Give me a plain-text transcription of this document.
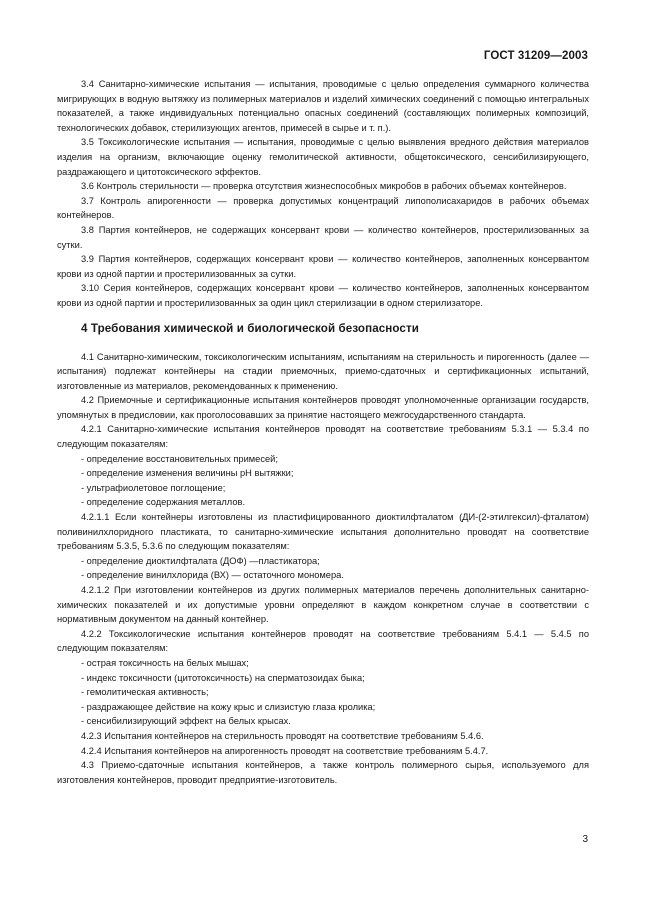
ГОСТ 31209—2003

3.4 Санитарно-химические испытания — испытания, проводимые с целью определения суммарного количества мигрирующих в водную вытяжку из полимерных материалов и изделий химических соединений с помощью интегральных показателей, а также индивидуальных потенциально опасных соединений (составляющих полимерных композиций, технологических добавок, стерилизующих агентов, примесей в сырье и т. п.).

3.5 Токсикологические испытания — испытания, проводимые с целью выявления вредного действия материалов изделия на организм, включающие оценку гемолитической активности, общетоксического, сенсибилизирующего, раздражающего и цитотоксического эффектов.

3.6 Контроль стерильности — проверка отсутствия жизнеспособных микробов в рабочих объемах контейнеров.

3.7 Контроль апирогенности — проверка допустимых концентраций липополисахаридов в рабочих объемах контейнеров.

3.8 Партия контейнеров, не содержащих консервант крови — количество контейнеров, простерилизованных за сутки.

3.9 Партия контейнеров, содержащих консервант крови — количество контейнеров, заполненных консервантом крови из одной партии и простерилизованных за сутки.

3.10 Серия контейнеров, содержащих консервант крови — количество контейнеров, заполненных консервантом крови из одной партии и простерилизованных за один цикл стерилизации в одном стерилизаторе.

4 Требования химической и биологической безопасности

4.1 Санитарно-химическим, токсикологическим испытаниям, испытаниям на стерильность и пирогенность (далее — испытания) подлежат контейнеры на стадии приемочных, приемо-сдаточных и сертификационных испытаний, изготовленные из материалов, рекомендованных к применению.

4.2 Приемочные и сертификационные испытания контейнеров проводят уполномоченные организации государств, упомянутых в предисловии, как проголосовавших за принятие настоящего межгосударственного стандарта.

4.2.1 Санитарно-химические испытания контейнеров проводят на соответствие требованиям 5.3.1 — 5.3.4 по следующим показателям:

- определение восстановительных примесей;

- определение изменения величины рН вытяжки;

- ультрафиолетовое поглощение;

- определение содержания металлов.

4.2.1.1 Если контейнеры изготовлены из пластифицированного диоктилфталатом (ДИ-(2-этилгексил)-фталатом) поливинилхлоридного пластиката, то санитарно-химические испытания дополнительно проводят на соответствие требованиям 5.3.5, 5.3.6 по следующим показателям:

- определение диоктилфталата (ДОФ) —пластикатора;

- определение винилхлорида (ВХ) — остаточного мономера.

4.2.1.2 При изготовлении контейнеров из других полимерных материалов перечень дополнительных санитарно-химических показателей и их допустимые уровни определяют в каждом конкретном случае в соответствии с нормативным документом на данный контейнер.

4.2.2 Токсикологические испытания контейнеров проводят на соответствие требованиям 5.4.1 — 5.4.5 по следующим показателям:

- острая токсичность на белых мышах;

- индекс токсичности (цитотоксичность) на сперматозоидах быка;

- гемолитическая активность;

- раздражающее действие на кожу крыс и слизистую глаза кролика;

- сенсибилизирующий эффект на белых крысах.

4.2.3 Испытания контейнеров на стерильность проводят на соответствие требованиям 5.4.6.

4.2.4 Испытания контейнеров на апирогенность проводят на соответствие требованиям 5.4.7.

4.3 Приемо-сдаточные испытания контейнеров, а также контроль полимерного сырья, используемого для изготовления контейнеров, проводит предприятие-изготовитель.

3
